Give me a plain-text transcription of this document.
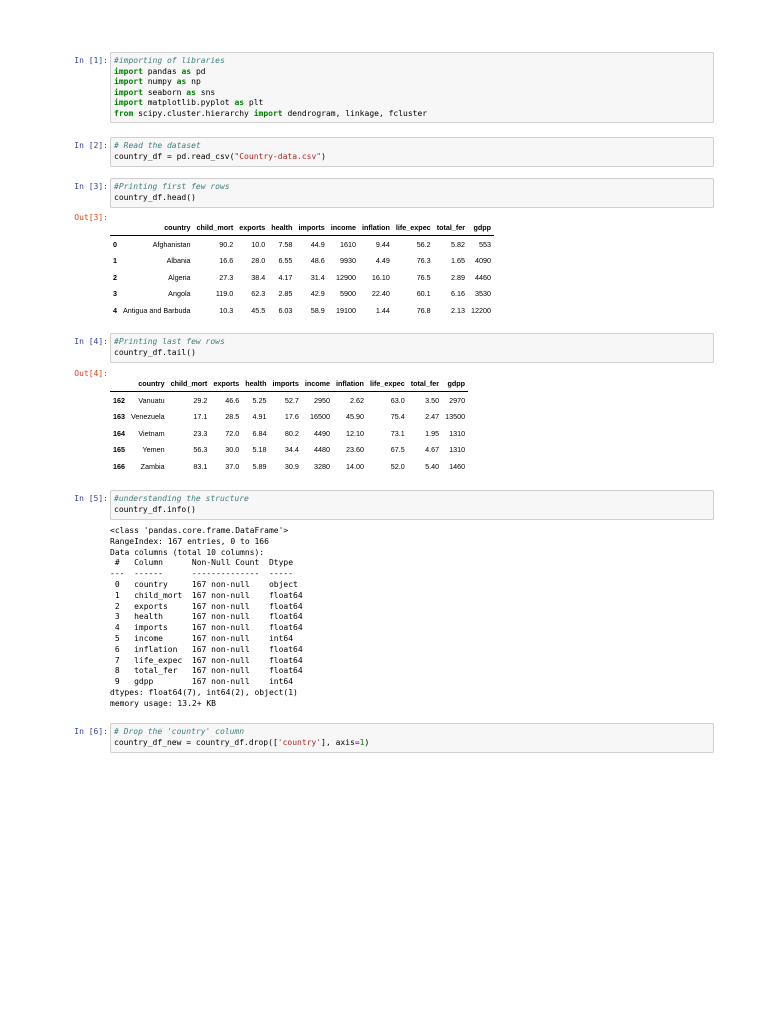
In [1]: #importing of libraries
import pandas as pd
import numpy as np
import seaborn as sns
import matplotlib.pyplot as plt
from scipy.cluster.hierarchy import dendrogram, linkage, fcluster
In [2]: # Read the dataset
country_df = pd.read_csv("Country-data.csv")
In [3]: #Printing first few rows
country_df.head()
Out[3]:
	country	child_mort	exports	health	imports	income	inflation	life_expec	total_fer	gdpp
0	Afghanistan	90.2	10.0	7.58	44.9	1610	9.44	56.2	5.82	553
1	Albania	16.6	28.0	6.55	48.6	9930	4.49	76.3	1.65	4090
2	Algeria	27.3	38.4	4.17	31.4	12900	16.10	76.5	2.89	4460
3	Angola	119.0	62.3	2.85	42.9	5900	22.40	60.1	6.16	3530
4	Antigua and Barbuda	10.3	45.5	6.03	58.9	19100	1.44	76.8	2.13	12200
In [4]: #Printing last few rows
country_df.tail()
Out[4]:
	country	child_mort	exports	health	imports	income	inflation	life_expec	total_fer	gdpp
162	Vanuatu	29.2	46.6	5.25	52.7	2950	2.62	63.0	3.50	2970
163	Venezuela	17.1	28.5	4.91	17.6	16500	45.90	75.4	2.47	13500
164	Vietnam	23.3	72.0	6.84	80.2	4490	12.10	73.1	1.95	1310
165	Yemen	56.3	30.0	5.18	34.4	4480	23.60	67.5	4.67	1310
166	Zambia	83.1	37.0	5.89	30.9	3280	14.00	52.0	5.40	1460
In [5]: #understanding the structure
country_df.info()
<class 'pandas.core.frame.DataFrame'>
RangeIndex: 167 entries, 0 to 166
Data columns (total 10 columns):
#   Column      Non-Null Count  Dtype
---  ------      --------------  -----
0   country     167 non-null    object
1   child_mort  167 non-null    float64
2   exports     167 non-null    float64
3   health      167 non-null    float64
4   imports     167 non-null    float64
5   income      167 non-null    int64
6   inflation   167 non-null    float64
7   life_expec  167 non-null    float64
8   total_fer   167 non-null    float64
9   gdpp        167 non-null    int64
dtypes: float64(7), int64(2), object(1)
memory usage: 13.2+ KB
In [6]: # Drop the 'country' column
country_df_new = country_df.drop(['country'], axis=1)
